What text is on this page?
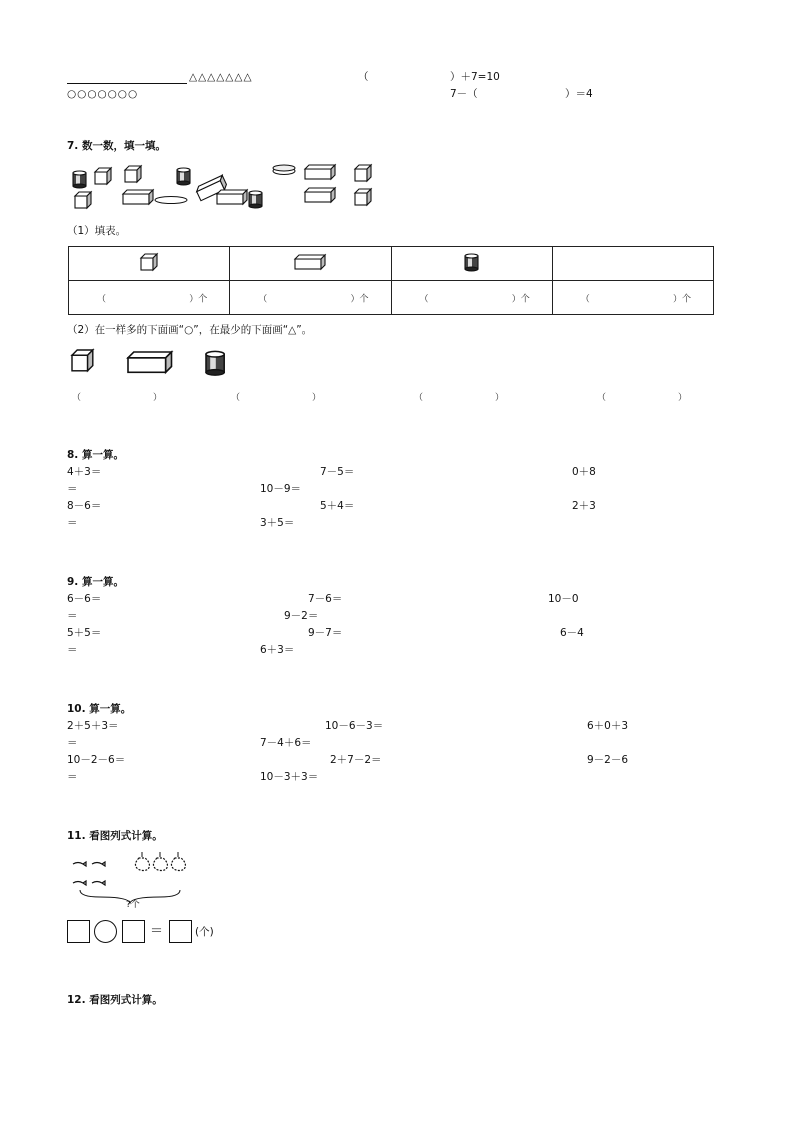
△△△△△△△
○○○○○○○
（	）＋7=10
7－（	）＝4
7. 数一数，填一填。
（1）填表。

（ ）个	（ ）个	（ ）个	（ ）个
（2）在一样多的下面画“○”，在最少的下面画“△”。
（	）	（	）	（	）	（	）
8. 算一算。
4＋3＝	7－5＝	0＋8
＝	10－9＝
8－6＝	5＋4＝	2＋3
＝	3＋5＝
9. 算一算。
6－6＝	7－6＝	10－0
＝	9－2＝
5＋5＝	9－7＝	6－4
＝	6＋3＝
10. 算一算。
2＋5＋3＝	10－6－3＝	6＋0＋3
＝	7－4＋6＝
10－2－6＝	2＋7－2＝	9－2－6
＝	10－3＋3＝
11. 看图列式计算。
?个
＝	(个)
12. 看图列式计算。
